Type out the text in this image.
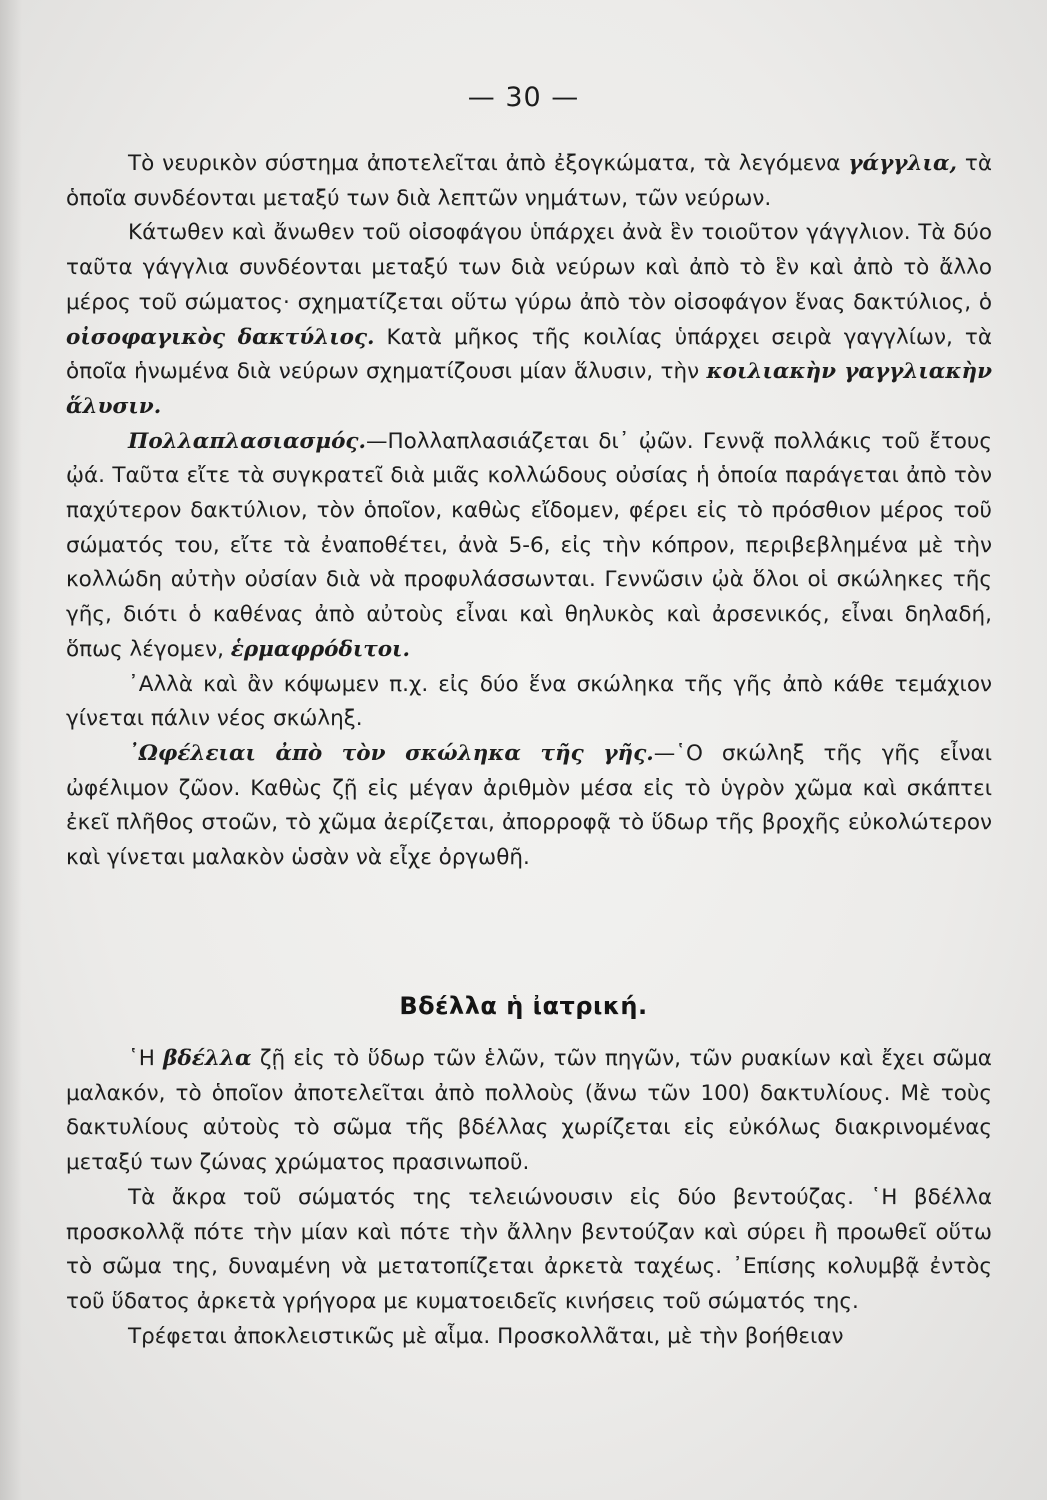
— 30 —

Τὸ νευρικὸν σύστημα ἀποτελεῖται ἀπὸ ἐξογκώματα, τὰ λεγόμενα γάγγλια, τὰ ὁποῖα συνδέονται μεταξύ των διὰ λεπτῶν νημάτων, τῶν νεύρων.

Κάτωθεν καὶ ἄνωθεν τοῦ οἰσοφάγου ὑπάρχει ἀνὰ ἓν τοιοῦτον γάγγλιον. Τὰ δύο ταῦτα γάγγλια συνδέονται μεταξύ των διὰ νεύρων καὶ ἀπὸ τὸ ἓν καὶ ἀπὸ τὸ ἄλλο μέρος τοῦ σώματος· σχηματίζεται οὕτω γύρω ἀπὸ τὸν οἰσοφάγον ἕνας δακτύλιος, ὁ οἰσοφαγικὸς δακτύλιος. Κατὰ μῆκος τῆς κοιλίας ὑπάρχει σειρὰ γαγγλίων, τὰ ὁποῖα ἡνωμένα διὰ νεύρων σχηματίζουσι μίαν ἅλυσιν, τὴν κοιλιακὴν γαγγλιακὴν ἅλυσιν.

Πολλαπλασιασμός.—Πολλαπλασιάζεται δι᾿ ᾠῶν. Γεννᾷ πολλάκις τοῦ ἔτους ᾠά. Ταῦτα εἴτε τὰ συγκρατεῖ διὰ μιᾶς κολλώδους οὐσίας ἡ ὁποία παράγεται ἀπὸ τὸν παχύτερον δακτύλιον, τὸν ὁποῖον, καθὼς εἴδομεν, φέρει εἰς τὸ πρόσθιον μέρος τοῦ σώματός του, εἴτε τὰ ἐναποθέτει, ἀνὰ 5-6, εἰς τὴν κόπρον, περιβεβλημένα μὲ τὴν κολλώδη αὐτὴν οὐσίαν διὰ νὰ προφυλάσσωνται. Γεννῶσιν ᾠὰ ὅλοι οἱ σκώληκες τῆς γῆς, διότι ὁ καθένας ἀπὸ αὐτοὺς εἶναι καὶ θηλυκὸς καὶ ἀρσενικός, εἶναι δηλαδή, ὅπως λέγομεν, ἑρμαφρόδιτοι.

᾿Αλλὰ καὶ ἂν κόψωμεν π.χ. εἰς δύο ἕνα σκώληκα τῆς γῆς ἀπὸ κάθε τεμάχιον γίνεται πάλιν νέος σκώληξ.

᾿Ωφέλειαι ἀπὸ τὸν σκώληκα τῆς γῆς.—῾Ο σκώληξ τῆς γῆς εἶναι ὠφέλιμον ζῶον. Καθὼς ζῇ εἰς μέγαν ἀριθμὸν μέσα εἰς τὸ ὑγρὸν χῶμα καὶ σκάπτει ἐκεῖ πλῆθος στοῶν, τὸ χῶμα ἀερίζεται, ἀπορροφᾷ τὸ ὕδωρ τῆς βροχῆς εὐκολώτερον καὶ γίνεται μαλακὸν ὡσὰν νὰ εἶχε ὀργωθῆ.

Βδέλλα ἡ ἰατρική.

῾Η βδέλλα ζῇ εἰς τὸ ὕδωρ τῶν ἑλῶν, τῶν πηγῶν, τῶν ρυακίων καὶ ἔχει σῶμα μαλακόν, τὸ ὁποῖον ἀποτελεῖται ἀπὸ πολλοὺς (ἄνω τῶν 100) δακτυλίους. Μὲ τοὺς δακτυλίους αὐτοὺς τὸ σῶμα τῆς βδέλλας χωρίζεται εἰς εὐκόλως διακρινομένας μεταξύ των ζώνας χρώματος πρασινωποῦ.

Τὰ ἄκρα τοῦ σώματός της τελειώνουσιν εἰς δύο βεντούζας. ῾Η βδέλλα προσκολλᾷ πότε τὴν μίαν καὶ πότε τὴν ἄλλην βεντούζαν καὶ σύρει ἢ προωθεῖ οὕτω τὸ σῶμα της, δυναμένη νὰ μετατοπίζεται ἀρκετὰ ταχέως. ᾿Επίσης κολυμβᾷ ἐντὸς τοῦ ὕδατος ἀρκετὰ γρήγορα με κυματοειδεῖς κινήσεις τοῦ σώματός της.

Τρέφεται ἀποκλειστικῶς μὲ αἷμα. Προσκολλᾶται, μὲ τὴν βοήθειαν
